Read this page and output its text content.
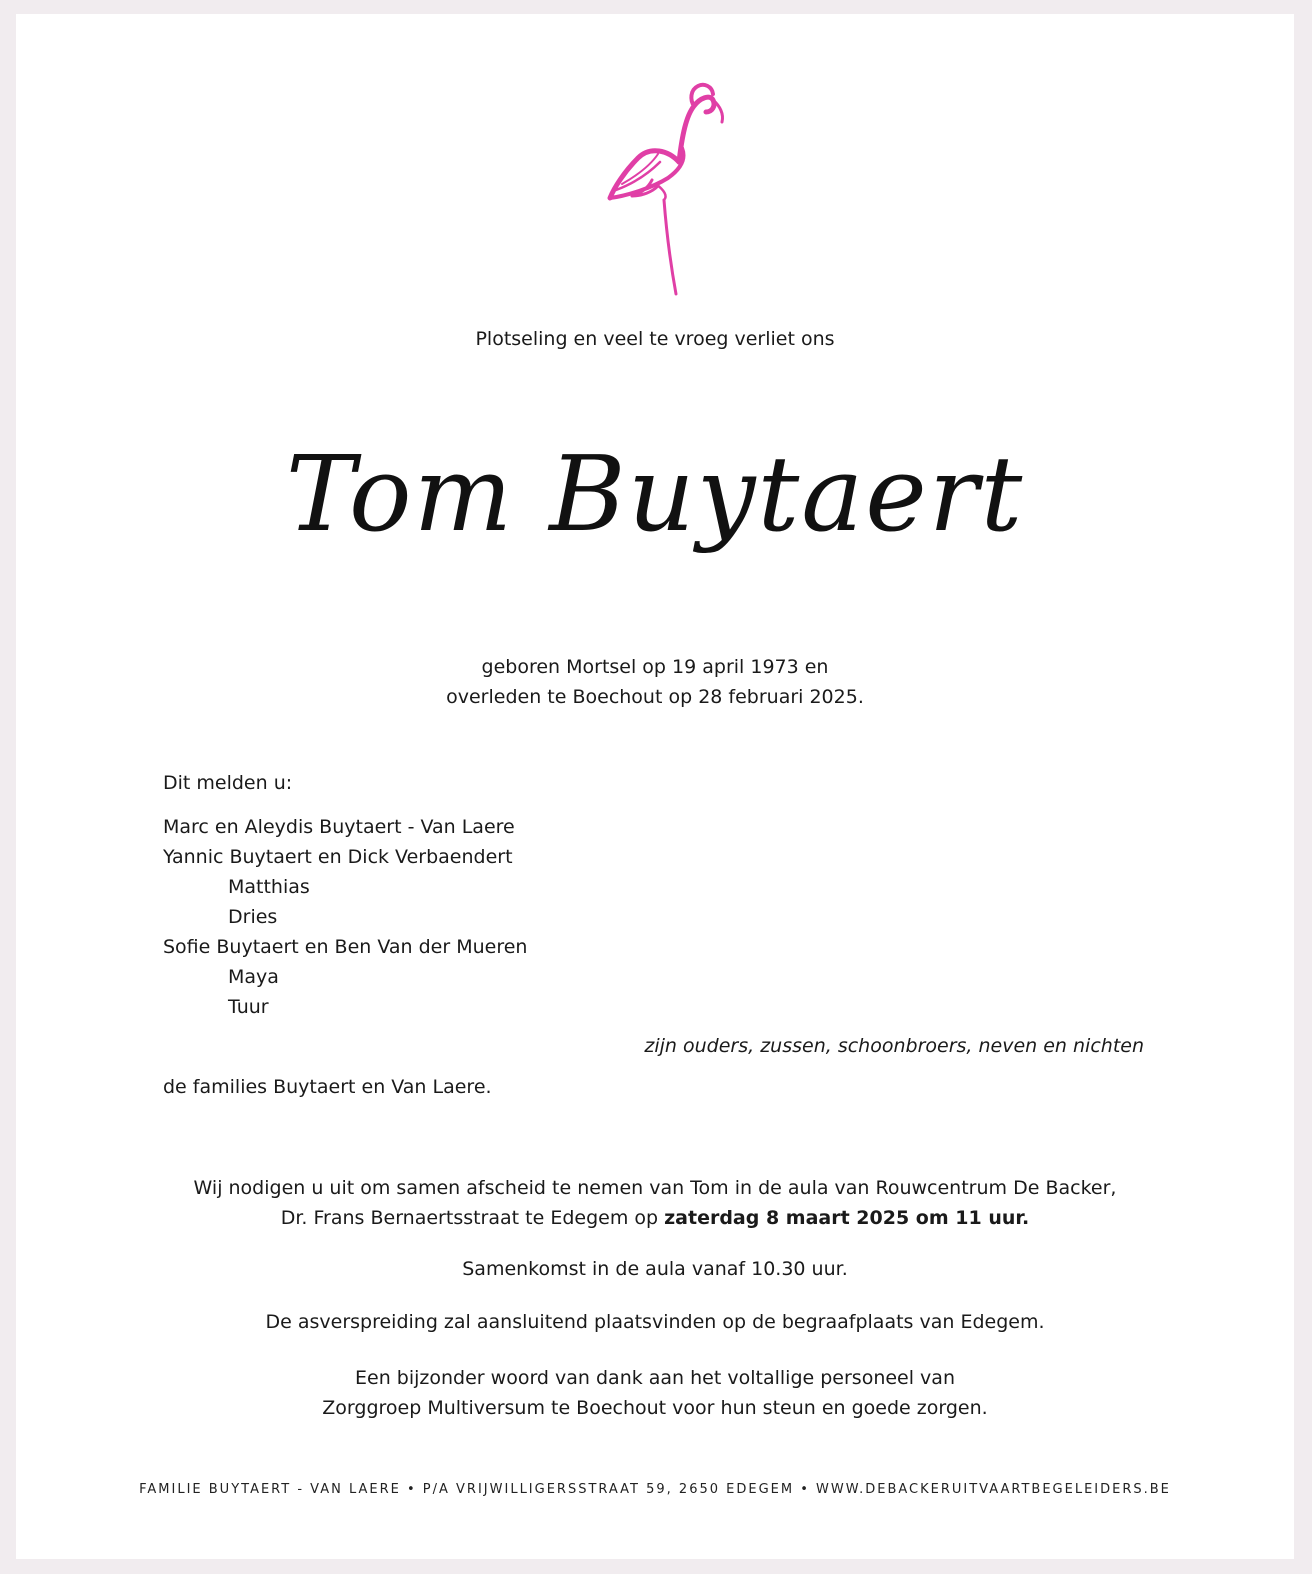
Plotseling en veel te vroeg verliet ons
Tom Buytaert
geboren Mortsel op 19 april 1973 en
overleden te Boechout op 28 februari 2025.
Dit melden u:
Marc en Aleydis Buytaert - Van Laere
Yannic Buytaert en Dick Verbaendert
Matthias
Dries
Sofie Buytaert en Ben Van der Mueren
Maya
Tuur
zijn ouders, zussen, schoonbroers, neven en nichten
de families Buytaert en Van Laere.
Wij nodigen u uit om samen afscheid te nemen van Tom in de aula van Rouwcentrum De Backer,
Dr. Frans Bernaertsstraat te Edegem op zaterdag 8 maart 2025 om 11 uur.
Samenkomst in de aula vanaf 10.30 uur.
De asverspreiding zal aansluitend plaatsvinden op de begraafplaats van Edegem.
Een bijzonder woord van dank aan het voltallige personeel van
Zorggroep Multiversum te Boechout voor hun steun en goede zorgen.
FAMILIE BUYTAERT - VAN LAERE • P/A VRIJWILLIGERSSTRAAT 59, 2650 EDEGEM • WWW.DEBACKERUITVAARTBEGELEIDERS.BE
